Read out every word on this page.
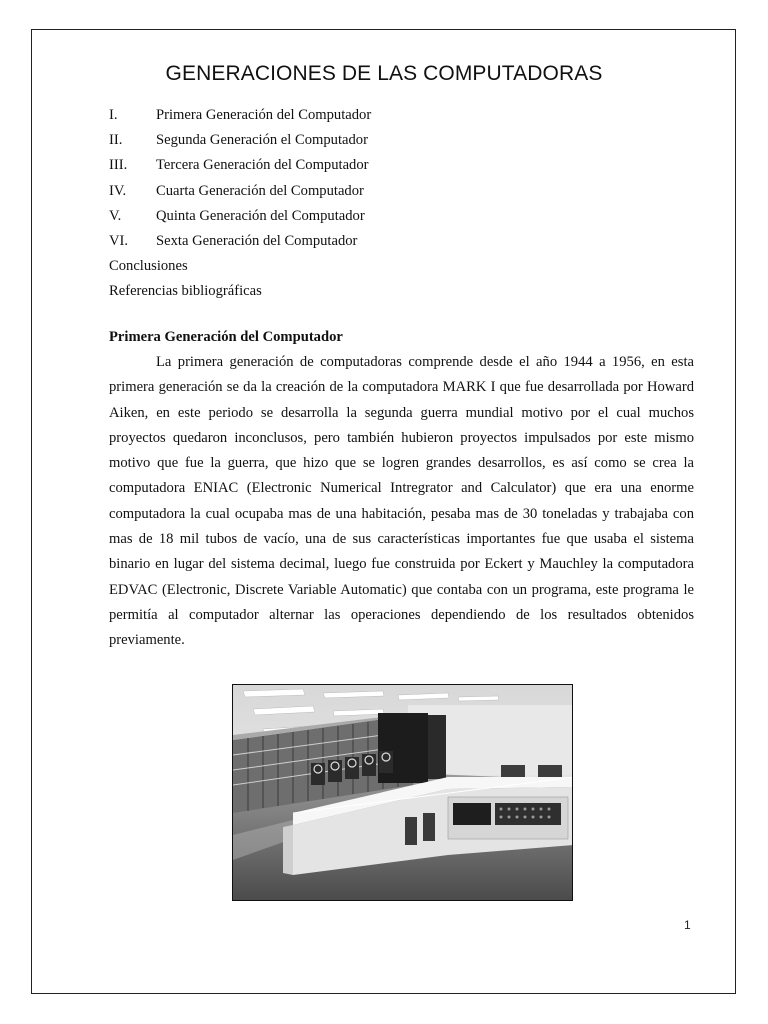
GENERACIONES DE LAS COMPUTADORAS
I.	Primera Generación del Computador
II.	Segunda Generación el Computador
III.	Tercera Generación del Computador
IV.	Cuarta Generación del Computador
V.	Quinta Generación del Computador
VI.	Sexta Generación del Computador
Conclusiones
Referencias bibliográficas
Primera Generación del Computador

La primera generación de computadoras comprende desde el año 1944 a 1956, en esta primera generación se da la creación de la computadora MARK I que fue desarrollada por Howard Aiken, en este periodo se desarrolla la segunda guerra mundial motivo por el cual muchos proyectos quedaron inconclusos, pero también hubieron proyectos impulsados por este mismo motivo que fue la guerra, que hizo que se logren grandes desarrollos, es así como se crea la computadora ENIAC (Electronic Numerical Intregrator and Calculator) que era una enorme computadora la cual ocupaba mas de una habitación, pesaba mas de 30 toneladas y trabajaba con mas de 18 mil tubos de vacío, una de sus características importantes fue que usaba el sistema binario en lugar del sistema decimal, luego fue construida por Eckert y Mauchley la computadora EDVAC (Electronic, Discrete Variable Automatic) que contaba con un programa, este programa le permitía al computador alternar las operaciones dependiendo de los resultados obtenidos previamente.

1
